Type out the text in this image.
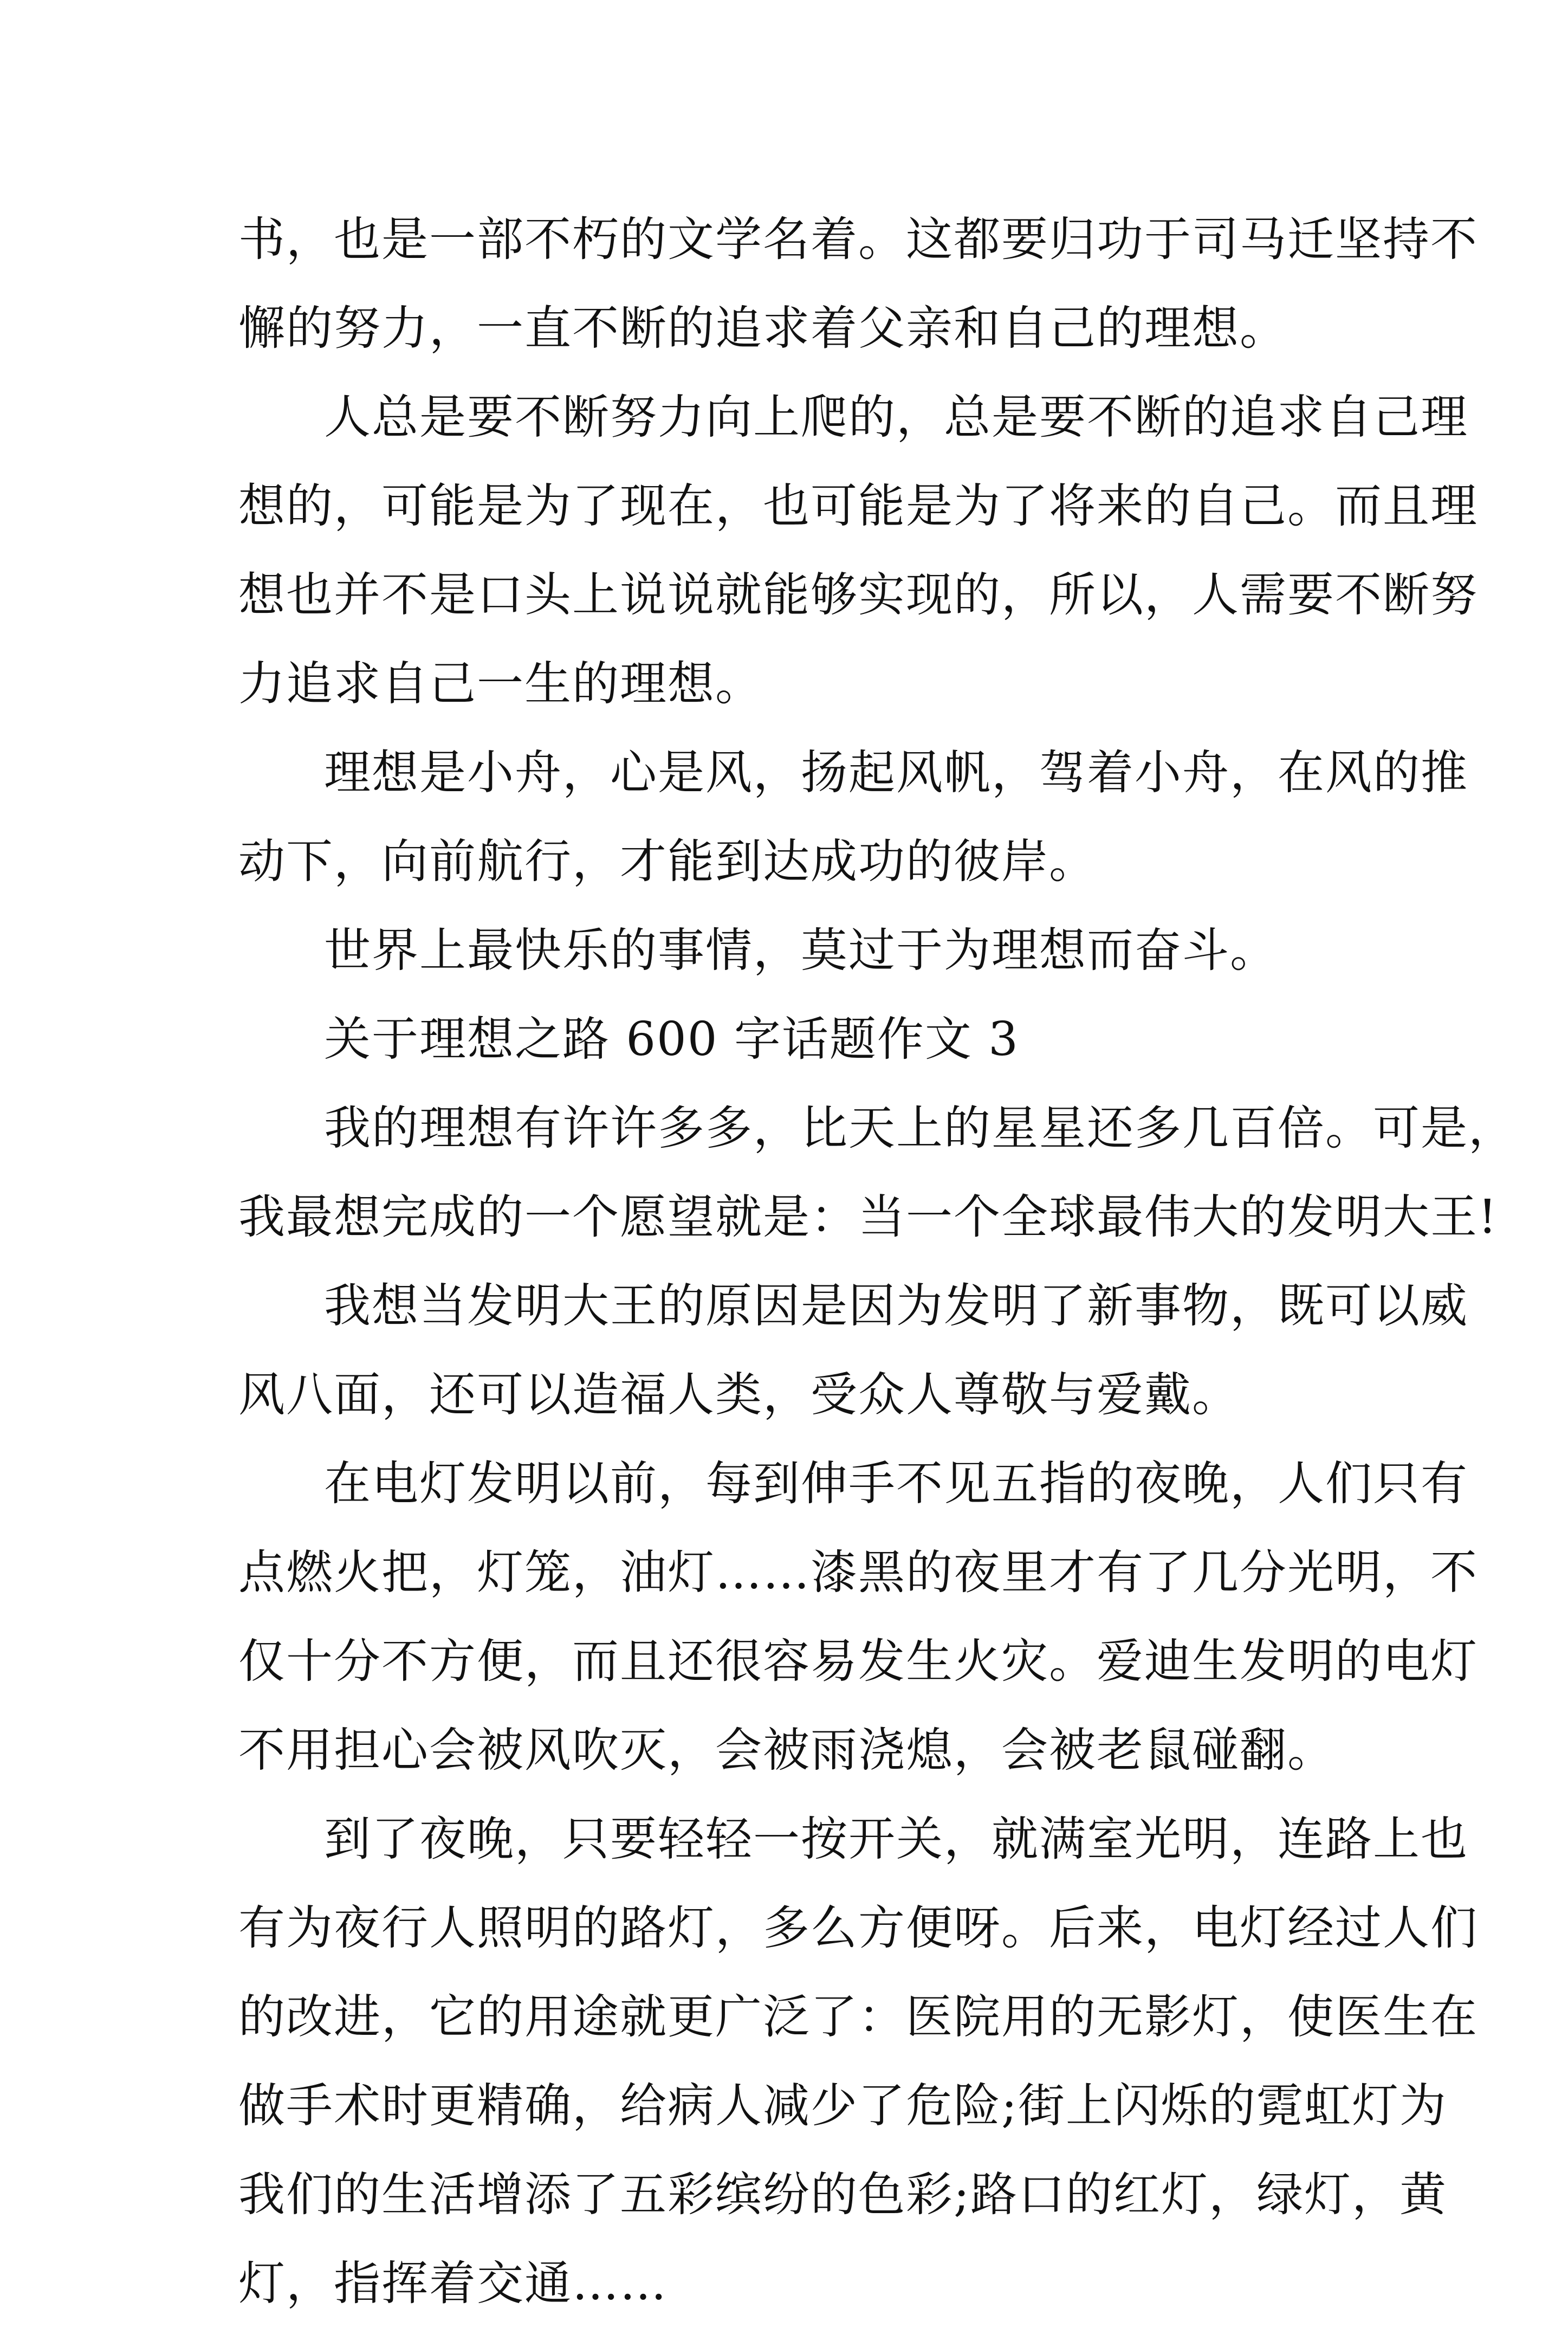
书，也是一部不朽的文学名着。这都要归功于司马迁坚持不
懈的努力，一直不断的追求着父亲和自己的理想。
人总是要不断努力向上爬的，总是要不断的追求自己理
想的，可能是为了现在，也可能是为了将来的自己。而且理
想也并不是口头上说说就能够实现的，所以，人需要不断努
力追求自己一生的理想。
理想是小舟，心是风，扬起风帆，驾着小舟，在风的推
动下，向前航行，才能到达成功的彼岸。
世界上最快乐的事情，莫过于为理想而奋斗。
关于理想之路 600 字话题作文 3
我的理想有许许多多，比天上的星星还多几百倍。可是，
我最想完成的一个愿望就是：当一个全球最伟大的发明大王!
我想当发明大王的原因是因为发明了新事物，既可以威
风八面，还可以造福人类，受众人尊敬与爱戴。
在电灯发明以前，每到伸手不见五指的夜晚，人们只有
点燃火把，灯笼，油灯……漆黑的夜里才有了几分光明，不
仅十分不方便，而且还很容易发生火灾。爱迪生发明的电灯
不用担心会被风吹灭，会被雨浇熄，会被老鼠碰翻。
到了夜晚，只要轻轻一按开关，就满室光明，连路上也
有为夜行人照明的路灯，多么方便呀。后来，电灯经过人们
的改进，它的用途就更广泛了：医院用的无影灯，使医生在
做手术时更精确，给病人减少了危险;街上闪烁的霓虹灯为
我们的生活增添了五彩缤纷的色彩;路口的红灯，绿灯，黄
灯，指挥着交通……
